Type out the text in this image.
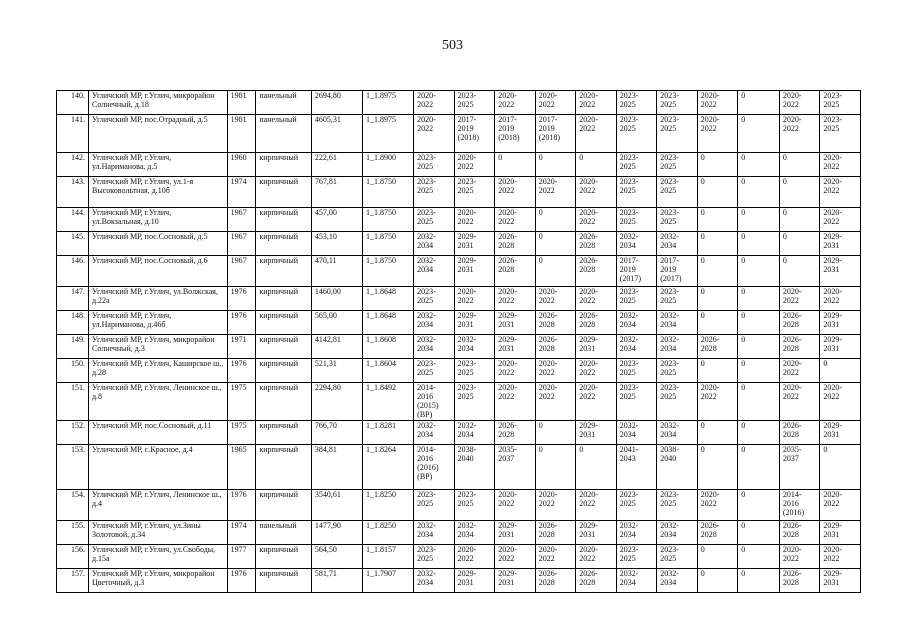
503
140.	Угличский МР, г.Углич, микрорайон Солнечный, д.18	1981	панельный	2694,80	1_1.8975	2020-2022	2023-2025	2020-2022	2020-2022	2020-2022	2023-2025	2023-2025	2020-2022	0	2020-2022	2023-2025
141.	Угличский МР, пос.Отрадный, д.5	1981	панельный	4605,31	1_1.8975	2020-2022	2017-2019 (2018)	2017-2019 (2018)	2017-2019 (2018)	2020-2022	2023-2025	2023-2025	2020-2022	0	2020-2022	2023-2025
142.	Угличский МР, г.Углич, ул.Нариманова, д.5	1960	кирпичный	222,61	1_1.8900	2023-2025	2020-2022	0	0	0	2023-2025	2023-2025	0	0	0	2020-2022
143.	Угличский МР, г.Углич, ул.1-я Высоковольтная, д.10б	1974	кирпичный	767,81	1_1.8750	2023-2025	2023-2025	2020-2022	2020-2022	2020-2022	2023-2025	2023-2025	0	0	0	2020-2022
144.	Угличский МР, г.Углич, ул.Вокзальная, д.10	1967	кирпичный	457,00	1_1.8750	2023-2025	2020-2022	2020-2022	0	2020-2022	2023-2025	2023-2025	0	0	0	2020-2022
145.	Угличский МР, пос.Сосновый, д.5	1967	кирпичный	453,10	1_1.8750	2032-2034	2029-2031	2026-2028	0	2026-2028	2032-2034	2032-2034	0	0	0	2029-2031
146.	Угличский МР, пос.Сосновый, д.6	1967	кирпичный	470,11	1_1.8750	2032-2034	2029-2031	2026-2028	0	2026-2028	2017-2019 (2017)	2017-2019 (2017)	0	0	0	2029-2031
147.	Угличский МР, г.Углич, ул.Волжская, д.22а	1976	кирпичный	1460,00	1_1.8648	2023-2025	2020-2022	2020-2022	2020-2022	2020-2022	2023-2025	2023-2025	0	0	2020-2022	2020-2022
148.	Угличский МР, г.Углич, ул.Нариманова, д.46б	1976	кирпичный	565,00	1_1.8648	2032-2034	2029-2031	2029-2031	2026-2028	2026-2028	2032-2034	2032-2034	0	0	2026-2028	2029-2031
149.	Угличский МР, г.Углич, микрорайон Солнечный, д.3	1971	кирпичный	4142,81	1_1.8608	2032-2034	2032-2034	2029-2031	2026-2028	2029-2031	2032-2034	2032-2034	2026-2028	0	2026-2028	2029-2031
150.	Угличский МР, г.Углич, Каширское ш., д.28	1976	кирпичный	521,31	1_1.8604	2023-2025	2023-2025	2020-2022	2020-2022	2020-2022	2023-2025	2023-2025	0	0	2020-2022	0
151.	Угличский МР, г.Углич, Ленинское ш., д.8	1975	кирпичный	2294,80	1_1.8492	2014-2016 (2015) (ВР)	2023-2025	2020-2022	2020-2022	2020-2022	2023-2025	2023-2025	2020-2022	0	2020-2022	2020-2022
152.	Угличский МР, пос.Сосновый, д.11	1975	кирпичный	766,70	1_1.8281	2032-2034	2032-2034	2026-2028	0	2029-2031	2032-2034	2032-2034	0	0	2026-2028	2029-2031
153.	Угличский МР, с.Красное, д.4	1965	кирпичный	384,81	1_1.8264	2014-2016 (2016) (ВР)	2038-2040	2035-2037	0	0	2041-2043	2038-2040	0	0	2035-2037	0
154.	Угличский МР, г.Углич, Ленинское ш., д.4	1976	кирпичный	3540,61	1_1.8250	2023-2025	2023-2025	2020-2022	2020-2022	2020-2022	2023-2025	2023-2025	2020-2022	0	2014-2016 (2016)	2020-2022
155.	Угличский МР, г.Углич, ул.Зины Золотовой, д.34	1974	панельный	1477,90	1_1.8250	2032-2034	2032-2034	2029-2031	2026-2028	2029-2031	2032-2034	2032-2034	2026-2028	0	2026-2028	2029-2031
156.	Угличский МР, г.Углич, ул.Свободы, д.15а	1977	кирпичный	564,50	1_1.8157	2023-2025	2020-2022	2020-2022	2020-2022	2020-2022	2023-2025	2023-2025	0	0	2020-2022	2020-2022
157.	Угличский МР, г.Углич, микрорайон Цветочный, д.3	1976	кирпичный	581,71	1_1.7907	2032-2034	2029-2031	2029-2031	2026-2028	2026-2028	2032-2034	2032-2034	0	0	2026-2028	2029-2031
